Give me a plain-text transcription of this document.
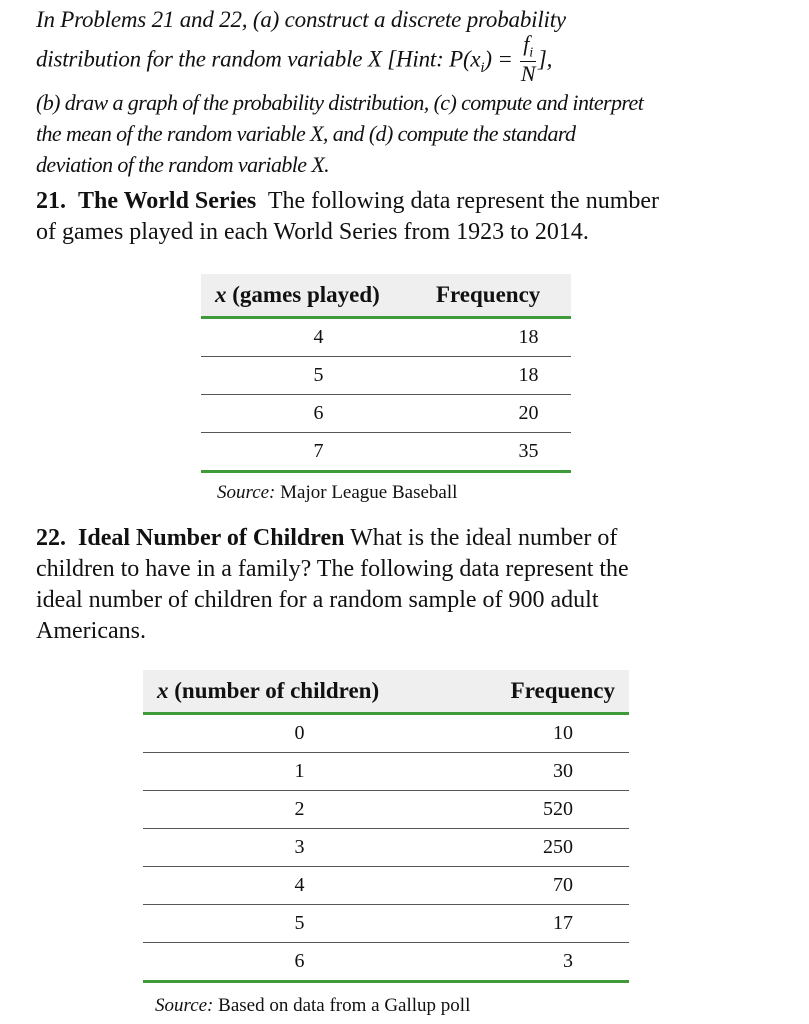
In Problems 21 and 22, (a) construct a discrete probability
distribution for the random variable X [Hint: $P(x_i) = \frac{f_i}{N}$ ],
(b) draw a graph of the probability distribution, (c) compute and interpret
the mean of the random variable X, and (d) compute the standard
deviation of the random variable X.
21. The World Series The following data represent the number
of games played in each World Series from 1923 to 2014.
x (games played)	Frequency
4	18
5	18
6	20
7	35
Source: Major League Baseball
22. Ideal Number of Children What is the ideal number of
children to have in a family? The following data represent the
ideal number of children for a random sample of 900 adult
Americans.
x (number of children)	Frequency
0	10
1	30
2	520
3	250
4	70
5	17
6	3
Source: Based on data from a Gallup poll
